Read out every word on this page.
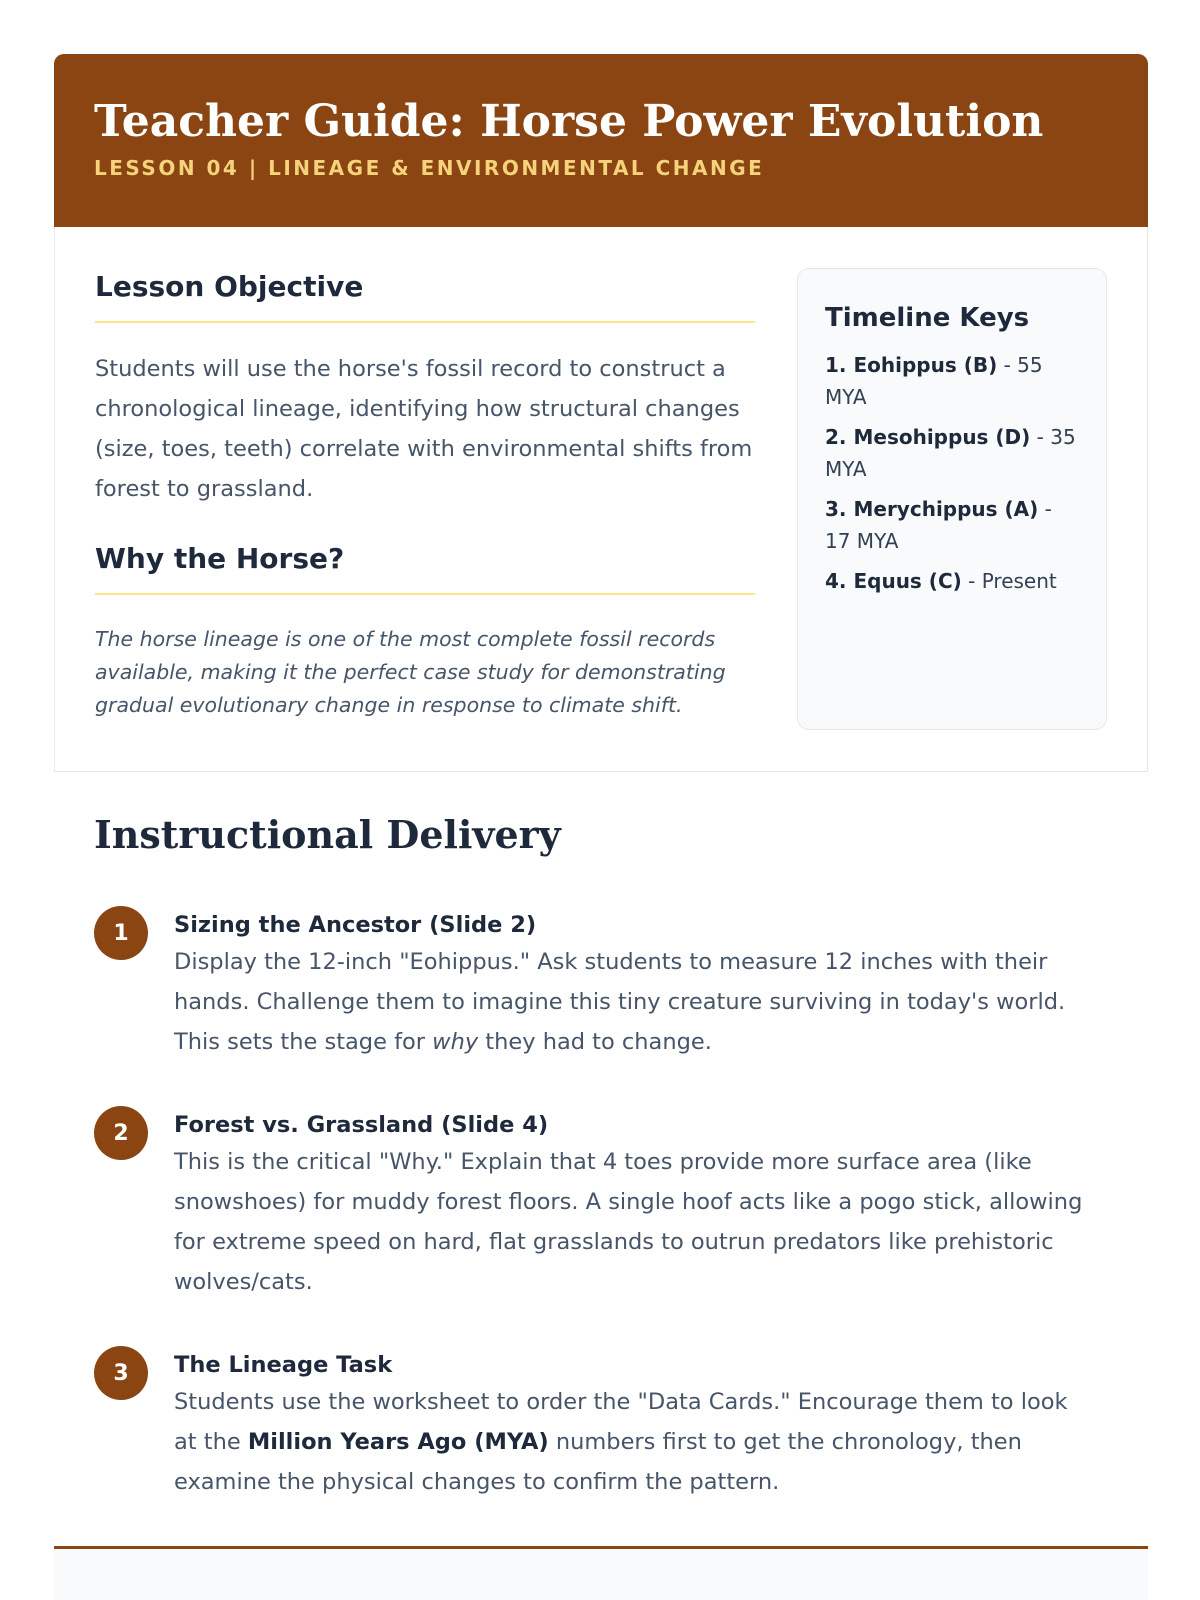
Teacher Guide: Horse Power Evolution
LESSON 04 | LINEAGE & ENVIRONMENTAL CHANGE
Lesson Objective

Students will use the horse's fossil record to construct a chronological lineage, identifying how structural changes (size, toes, teeth) correlate with environmental shifts from forest to grassland.

Why the Horse?

The horse lineage is one of the most complete fossil records available, making it the perfect case study for demonstrating gradual evolutionary change in response to climate shift.

Timeline Keys
1. Eohippus (B) - 55 MYA
2. Mesohippus (D) - 35 MYA
3. Merychippus (A) - 17 MYA
4. Equus (C) - Present
Instructional Delivery
1	Sizing the Ancestor (Slide 2)

Display the 12-inch "Eohippus." Ask students to measure 12 inches with their hands. Challenge them to imagine this tiny creature surviving in today's world. This sets the stage for why they had to change.

2	Forest vs. Grassland (Slide 4)

This is the critical "Why." Explain that 4 toes provide more surface area (like snowshoes) for muddy forest floors. A single hoof acts like a pogo stick, allowing for extreme speed on hard, flat grasslands to outrun predators like prehistoric wolves/cats.

3	The Lineage Task

Students use the worksheet to order the "Data Cards." Encourage them to look at the Million Years Ago (MYA) numbers first to get the chronology, then examine the physical changes to confirm the pattern.
